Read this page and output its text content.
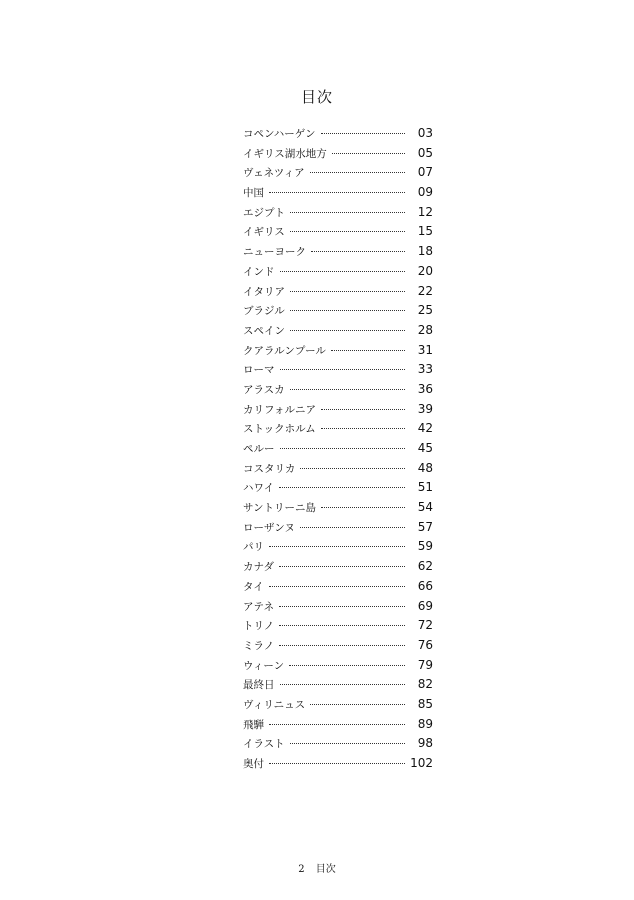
目次
コペンハーゲン	03
イギリス湖水地方	05
ヴェネツィア	07
中国	09
エジプト	12
イギリス	15
ニューヨーク	18
インド	20
イタリア	22
ブラジル	25
スペイン	28
クアラルンプール	31
ローマ	33
アラスカ	36
カリフォルニア	39
ストックホルム	42
ペルー	45
コスタリカ	48
ハワイ	51
サントリーニ島	54
ローザンヌ	57
パリ	59
カナダ	62
タイ	66
アテネ	69
トリノ	72
ミラノ	76
ウィーン	79
最終日	82
ヴィリニュス	85
飛騨	89
イラスト	98
奥付	102
2 目次
